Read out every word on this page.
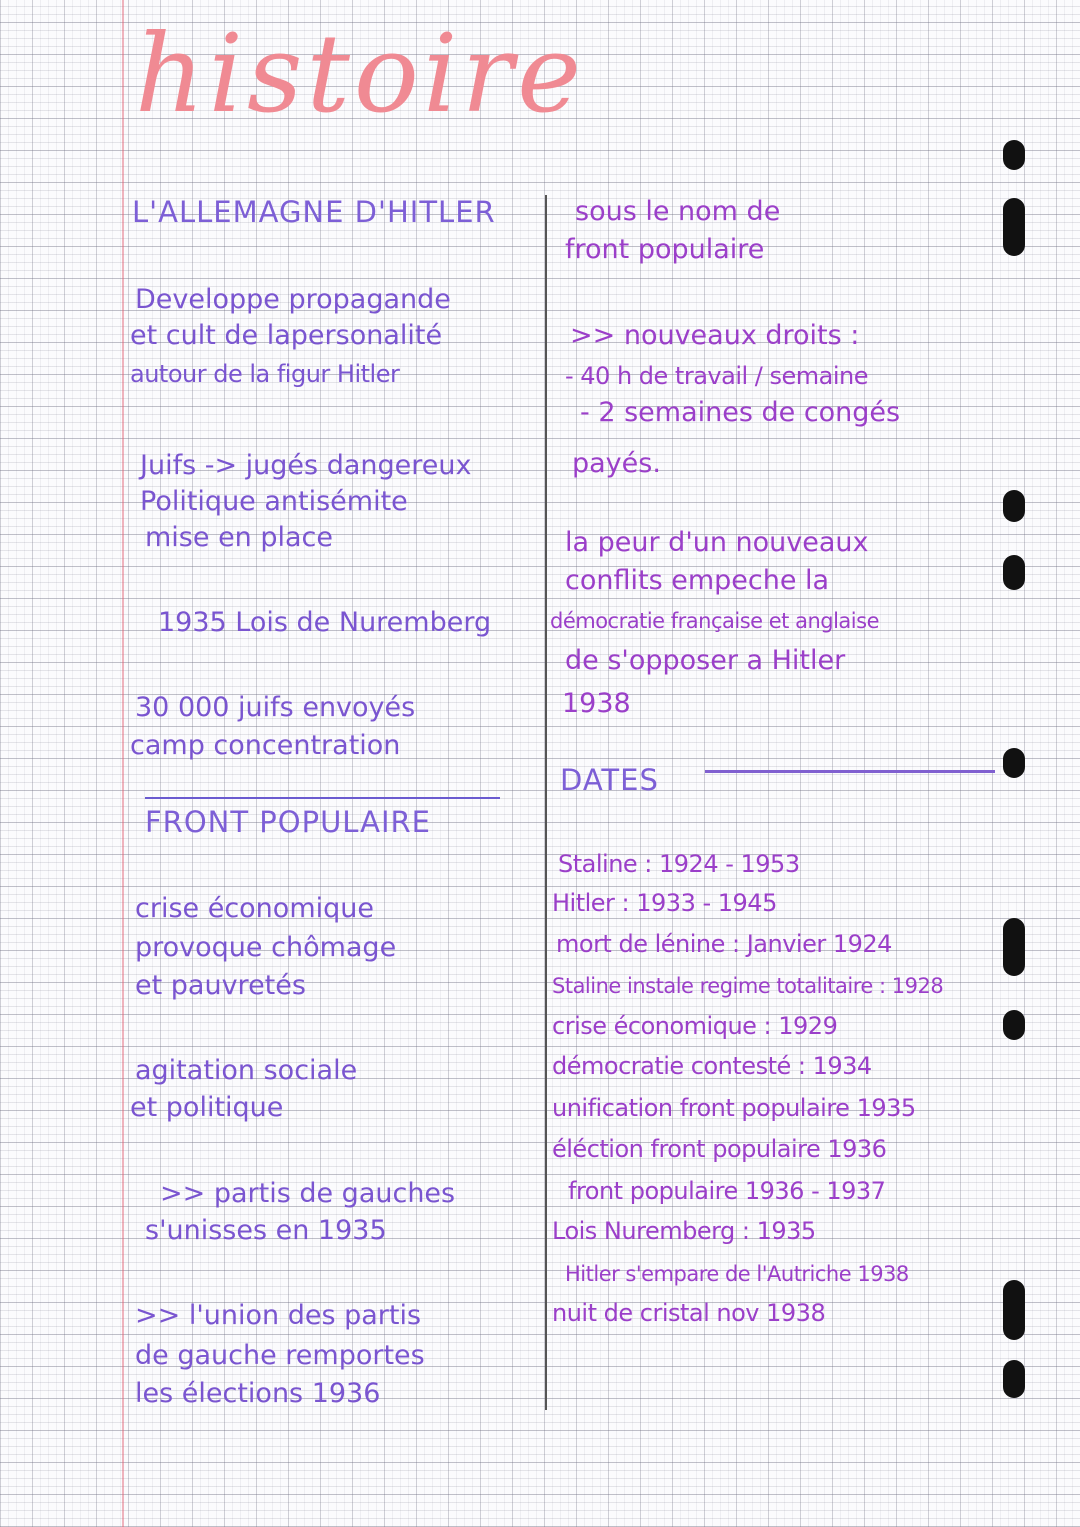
histoire
L'ALLEMAGNE D'HITLER
Developpe propagande
et cult de lapersonalité
autour de la figur Hitler
Juifs -> jugés dangereux
Politique antisémite
mise en place
1935 Lois de Nuremberg
30 000 juifs envoyés
camp concentration
FRONT POPULAIRE
crise économique
provoque chômage
et pauvretés
agitation sociale
et politique
>> partis de gauches
s'unisses en 1935
>> l'union des partis
de gauche remportes
les élections 1936
sous le nom de
front populaire
>> nouveaux droits :
- 40 h de travail / semaine
- 2 semaines de congés
payés.
la peur d'un nouveaux
conflits empeche la
démocratie française et anglaise
de s'opposer a Hitler
1938
DATES
Staline : 1924 - 1953
Hitler : 1933 - 1945
mort de lénine : Janvier 1924
Staline instale regime totalitaire : 1928
crise économique : 1929
démocratie contesté : 1934
unification front populaire 1935
éléction front populaire 1936
front populaire 1936 - 1937
Lois Nuremberg : 1935
Hitler s'empare de l'Autriche 1938
nuit de cristal nov 1938
